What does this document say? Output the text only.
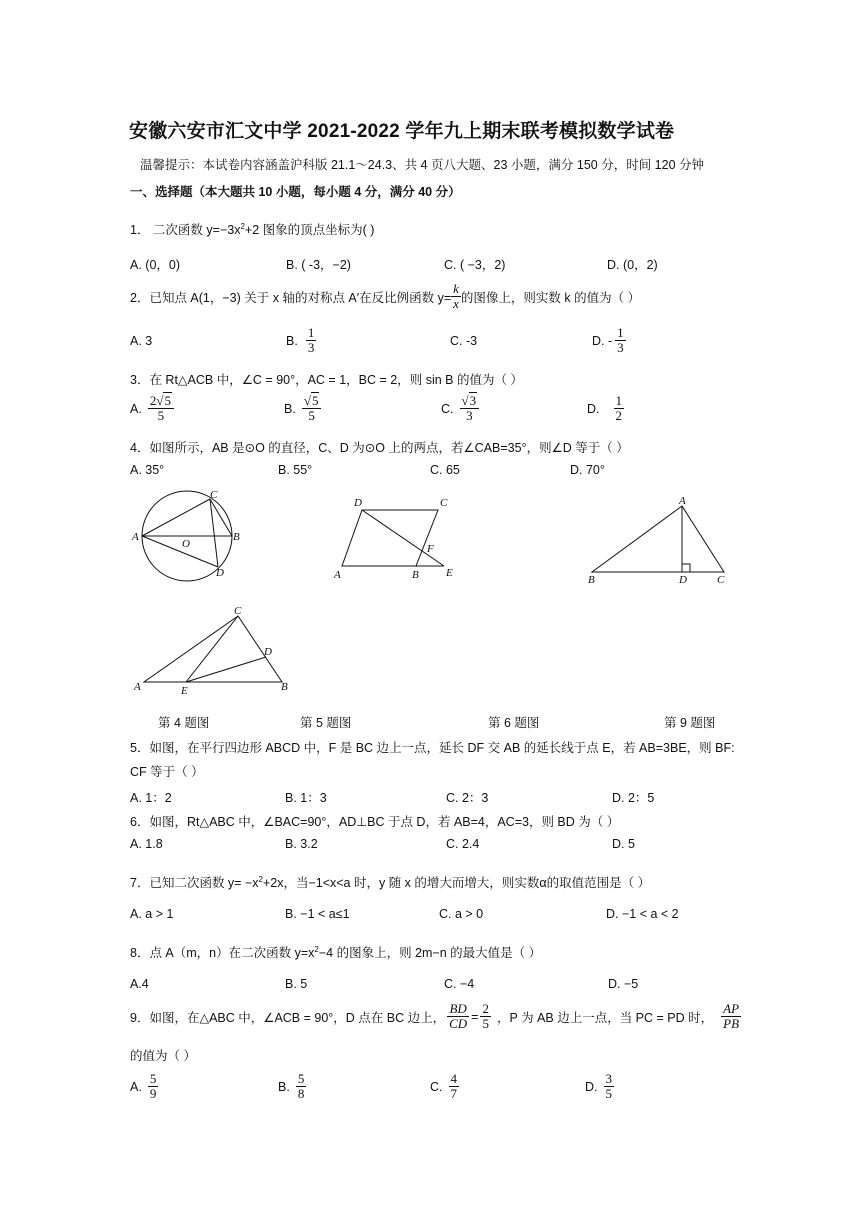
安徽六安市汇文中学 2021-2022 学年九上期末联考模拟数学试卷
温馨提示：本试卷内容涵盖沪科版 21.1～24.3、共 4 页八大题、23 小题，满分 150 分，时间 120 分钟
一、选择题（本大题共 10 小题，每小题 4 分，满分 40 分）
1． 二次函数 $y=-3x^2+2$ 图象的顶点坐标为( )
A. (0，0)	B. ( -3，−2)	C. ( −3，2)	D. (0，2)
2．已知点 A(1，−3) 关于 x 轴的对称点 A′在反比例函数 $y= \frac{k}{x}$ 的图像上，则实数 k 的值为（ ）
A. 3	B. $\frac{1}{3}$	C. -3	D. - $\frac{1}{3}$
3．在 Rt△ACB 中，∠C = 90°，AC = 1，BC = 2，则 sin B 的值为（ ）
A. $\frac{2√5}{5}$	B. $\frac{√5}{5}$	C. $\frac{√3}{3}$	D. $\frac{1}{2}$
4．如图所示，AB 是⊙O 的直径，C、D 为⊙O 上的两点，若∠CAB=35°，则∠D 等于（ ）
A. 35°	B. 55°	C. 65	D. 70°
A	B
C
D
O
D	C
A	B E
F
A
B	D	C
C
D
A	E	B
第 4 题图	第 5 题图	第 6 题图	第 9 题图
5．如图，在平行四边形 ABCD 中，F 是 BC 边上一点，延长 DF 交 AB 的延长线于点 E，若 AB=3BE，则 BF:
CF 等于（ ）
A. 1：2	B. 1：3	C. 2：3	D. 2：5
6．如图，Rt△ABC 中，∠BAC=90°，AD⊥BC 于点 D，若 AB=4，AC=3，则 BD 为（ ）
A. 1.8	B. 3.2	C. 2.4	D. 5
7．已知二次函数 $y= -x^2+2x$，当−1<x<a 时，y 随 x 的增大而增大，则实数α的取值范围是（ ）
A. a > 1	B. −1 < a≤1	C. a > 0	D. −1 < a < 2
8．点 A（m，n）在二次函数 $y=x^2-4$ 的图象上，则 2m−n 的最大值是（ ）
A.4	B. 5	C. −4	D. −5
9．如图，在△ABC 中，∠ACB = 90°，D 点在 BC 边上， $\frac{BD}{CD} = \frac{2}{5}$ ，P 为 AB 边上一点，当 PC = PD 时， $\frac{AP}{PB}$
的值为（ ）
A. $\frac{5}{9}$	B. $\frac{5}{8}$	C. $\frac{4}{7}$	D. $\frac{3}{5}$
